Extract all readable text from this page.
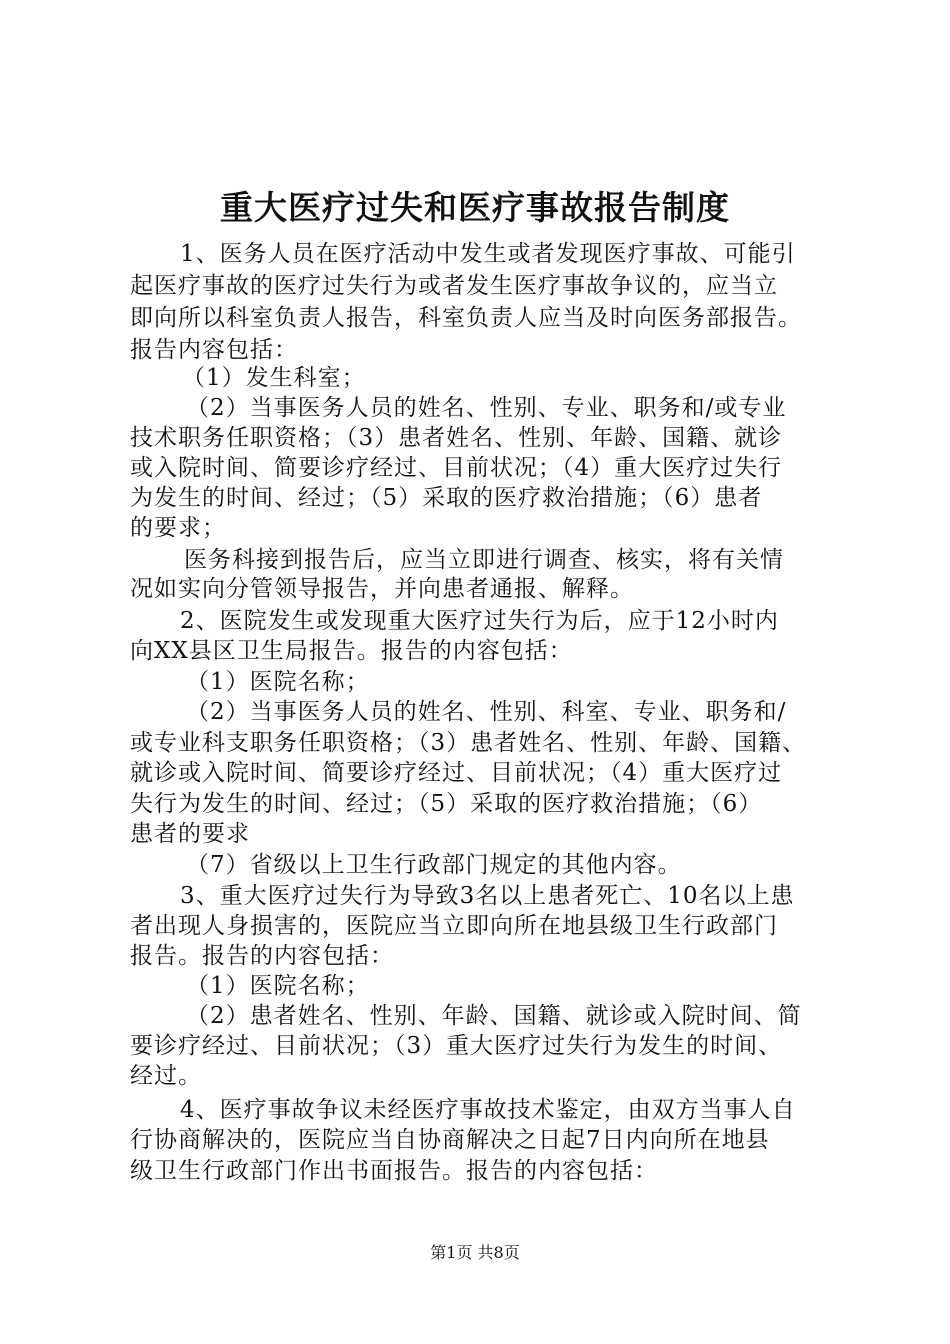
重大医疗过失和医疗事故报告制度
1、医务人员在医疗活动中发生或者发现医疗事故、可能引
起医疗事故的医疗过失行为或者发生医疗事故争议的，应当立
即向所以科室负责人报告，科室负责人应当及时向医务部报告。
报告内容包括：
（1）发生科室；
（2）当事医务人员的姓名、性别、专业、职务和/或专业
技术职务任职资格；（3）患者姓名、性别、年龄、国籍、就诊
或入院时间、简要诊疗经过、目前状况；（4）重大医疗过失行
为发生的时间、经过；（5）采取的医疗救治措施；（6）患者
的要求；
医务科接到报告后，应当立即进行调查、核实，将有关情
况如实向分管领导报告，并向患者通报、解释。
2、医院发生或发现重大医疗过失行为后，应于12小时内
向XX县区卫生局报告。报告的内容包括：
（1）医院名称；
（2）当事医务人员的姓名、性别、科室、专业、职务和/
或专业科支职务任职资格；（3）患者姓名、性别、年龄、国籍、
就诊或入院时间、简要诊疗经过、目前状况；（4）重大医疗过
失行为发生的时间、经过；（5）采取的医疗救治措施；（6）
患者的要求
（7）省级以上卫生行政部门规定的其他内容。
3、重大医疗过失行为导致3名以上患者死亡、10名以上患
者出现人身损害的，医院应当立即向所在地县级卫生行政部门
报告。报告的内容包括：
（1）医院名称；
（2）患者姓名、性别、年龄、国籍、就诊或入院时间、简
要诊疗经过、目前状况；（3）重大医疗过失行为发生的时间、
经过。
4、医疗事故争议未经医疗事故技术鉴定，由双方当事人自
行协商解决的，医院应当自协商解决之日起7日内向所在地县
级卫生行政部门作出书面报告。报告的内容包括：
第1页 共8页
